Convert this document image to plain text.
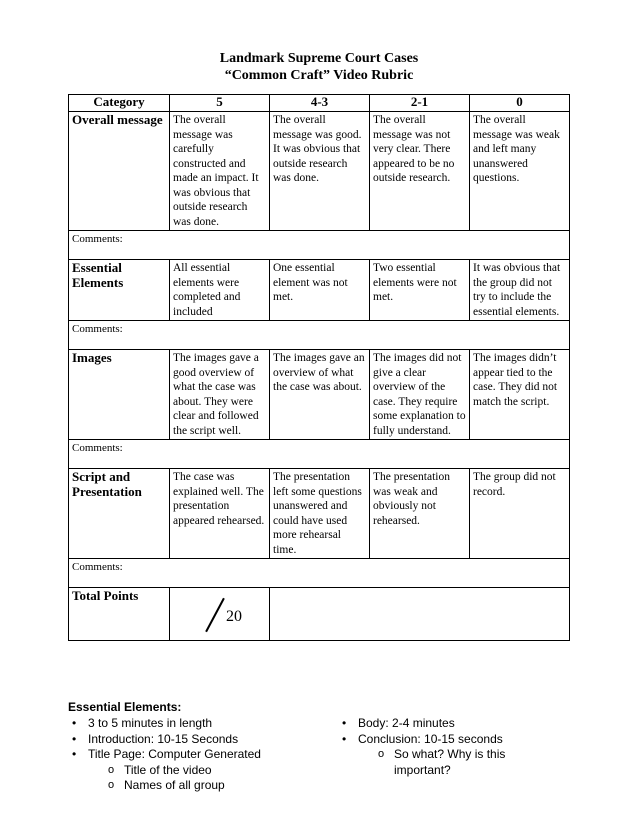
Landmark Supreme Court Cases
“Common Craft” Video Rubric
Category	5	4-3	2-1	0
Overall message	The overall message was carefully constructed and made an impact. It was obvious that outside research was done.	The overall message was good. It was obvious that outside research was done.	The overall message was not very clear. There appeared to be no outside research.	The overall message was weak and left many unanswered questions.
Comments:				
Essential Elements	All essential elements were completed and included	One essential element was not met.	Two essential elements were not met.	It was obvious that the group did not try to include the essential elements.
Comments:				
Images	The images gave a good overview of what the case was about. They were clear and followed the script well.	The images gave an overview of what the case was about.	The images did not give a clear overview of the case. They require some explanation to fully understand.	The images didn’t appear tied to the case. They did not match the script.
Comments:				
Script and Presentation	The case was explained well. The presentation appeared rehearsed.	The presentation left some questions unanswered and could have used more rehearsal time.	The presentation was weak and obviously not rehearsed.	The group did not record.
Comments:				
Total Points	20			

Essential Elements:
• 3 to 5 minutes in length
• Introduction: 10-15 Seconds
• Title Page: Computer Generated
o Title of the video
o Names of all group
• Body: 2-4 minutes
• Conclusion: 10-15 seconds
o So what? Why is this
important?
